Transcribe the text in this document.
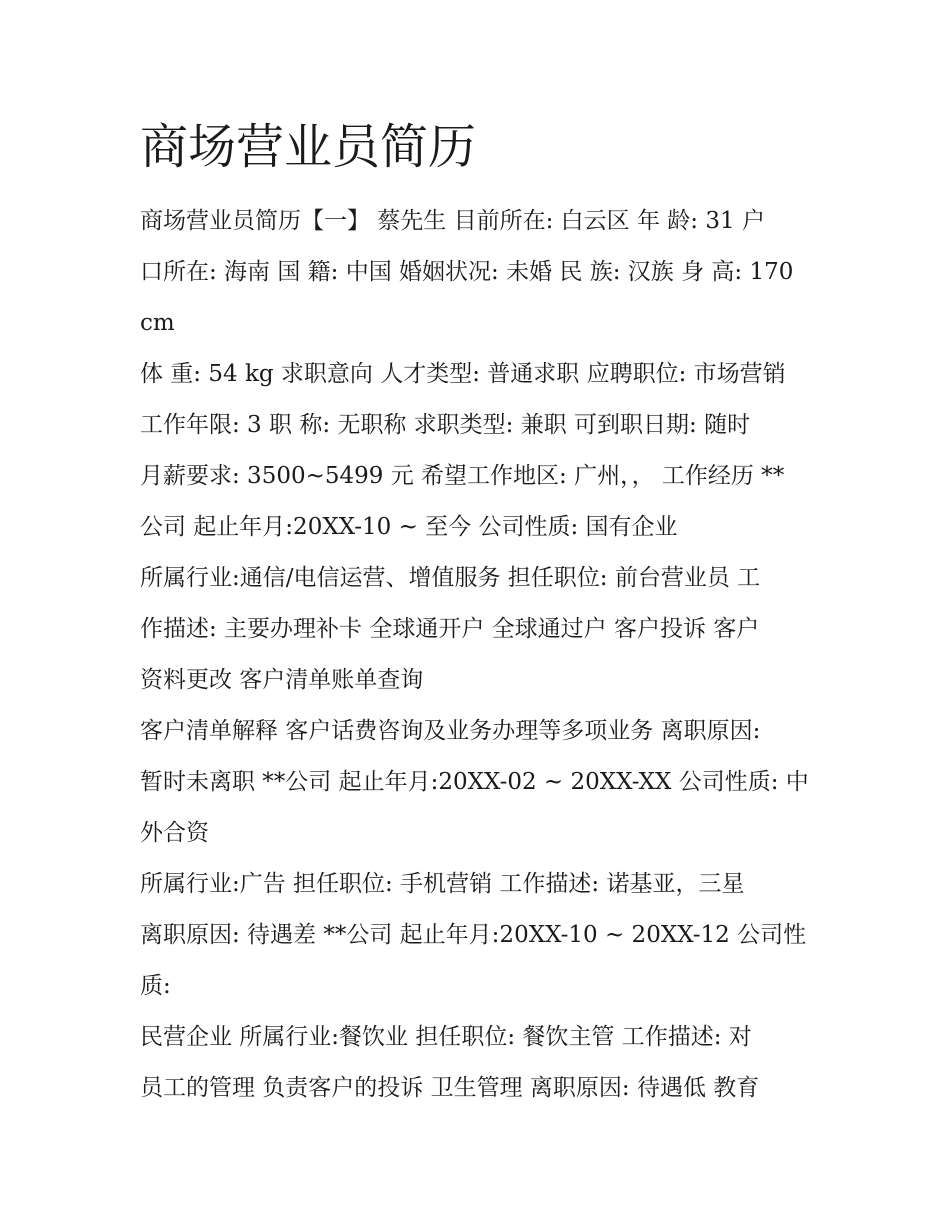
商场营业员简历
商场营业员简历【一】 蔡先生 目前所在: 白云区 年 龄: 31 户
口所在: 海南 国 籍: 中国 婚姻状况: 未婚 民 族: 汉族 身 高: 170
cm
体 重: 54 kg 求职意向 人才类型: 普通求职 应聘职位: 市场营销
工作年限: 3 职 称: 无职称 求职类型: 兼职 可到职日期: 随时
月薪要求: 3500~5499 元 希望工作地区: 广州，， 工作经历 **
公司 起止年月:20XX-10 ~ 至今 公司性质: 国有企业
所属行业:通信/电信运营、增值服务 担任职位: 前台营业员 工
作描述: 主要办理补卡 全球通开户 全球通过户 客户投诉 客户
资料更改 客户清单账单查询
客户清单解释 客户话费咨询及业务办理等多项业务 离职原因:
暂时未离职 **公司 起止年月:20XX-02 ~ 20XX-XX 公司性质: 中
外合资
所属行业:广告 担任职位: 手机营销 工作描述: 诺基亚，三星
离职原因: 待遇差 **公司 起止年月:20XX-10 ~ 20XX-12 公司性
质:
民营企业 所属行业:餐饮业 担任职位: 餐饮主管 工作描述: 对
员工的管理 负责客户的投诉 卫生管理 离职原因: 待遇低 教育
